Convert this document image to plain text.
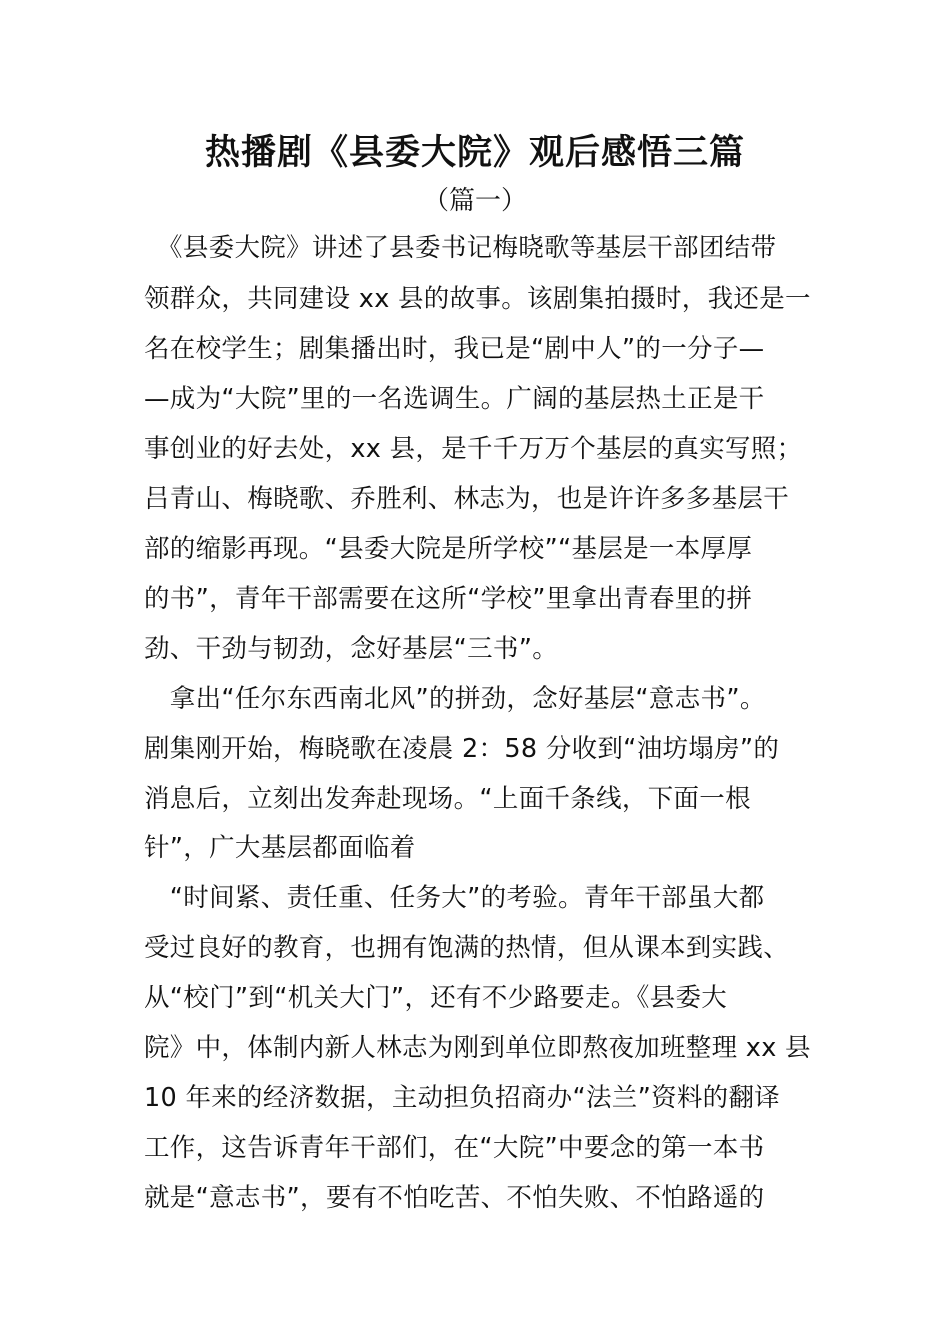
热播剧《县委大院》观后感悟三篇
（篇一）
　《县委大院》讲述了县委书记梅晓歌等基层干部团结带
领群众，共同建设 xx 县的故事。该剧集拍摄时，我还是一
名在校学生；剧集播出时，我已是“剧中人”的一分子—
—成为“大院”里的一名选调生。广阔的基层热土正是干
事创业的好去处，xx 县，是千千万万个基层的真实写照；
吕青山、梅晓歌、乔胜利、林志为，也是许许多多基层干
部的缩影再现。“县委大院是所学校”“基层是一本厚厚
的书”，青年干部需要在这所“学校”里拿出青春里的拼
劲、干劲与韧劲，念好基层“三书”。
　拿出“任尔东西南北风”的拼劲，念好基层“意志书”。
剧集刚开始，梅晓歌在凌晨 2：58 分收到“油坊塌房”的
消息后，立刻出发奔赴现场。“上面千条线，下面一根
针”，广大基层都面临着
　“时间紧、责任重、任务大”的考验。青年干部虽大都
受过良好的教育，也拥有饱满的热情，但从课本到实践、
从“校门”到“机关大门”，还有不少路要走。《县委大
院》中，体制内新人林志为刚到单位即熬夜加班整理 xx 县
10 年来的经济数据，主动担负招商办“法兰”资料的翻译
工作，这告诉青年干部们，在“大院”中要念的第一本书
就是“意志书”，要有不怕吃苦、不怕失败、不怕路遥的
